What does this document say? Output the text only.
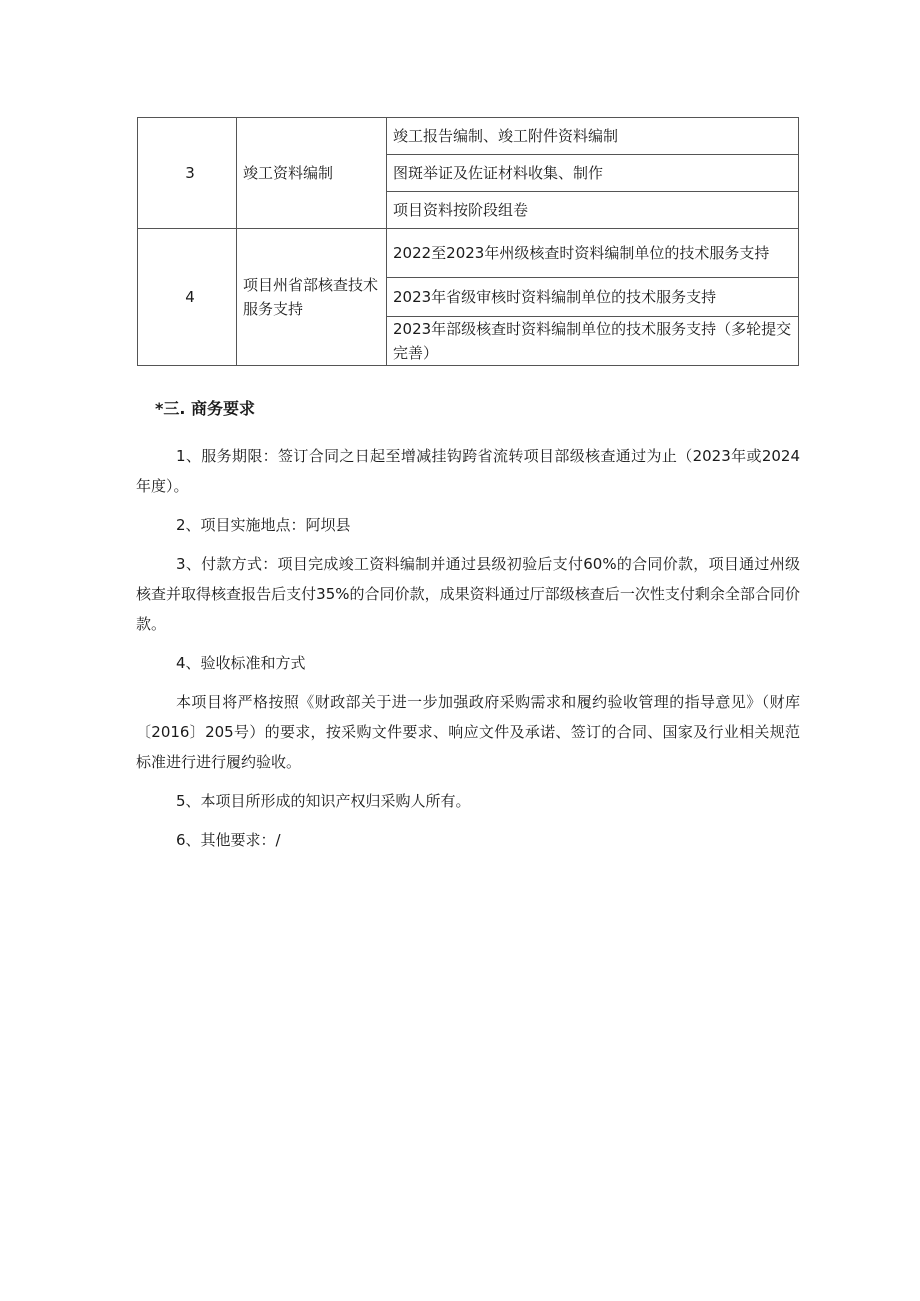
3	竣工资料编制	竣工报告编制、竣工附件资料编制
		图斑举证及佐证材料收集、制作
		项目资料按阶段组卷
4	项目州省部核查技术服务支持	2022至2023年州级核查时资料编制单位的技术服务支持
		2023年省级审核时资料编制单位的技术服务支持
		2023年部级核查时资料编制单位的技术服务支持（多轮提交完善）
*三. 商务要求

1、服务期限：签订合同之日起至增减挂钩跨省流转项目部级核查通过为止（2023年或2024年度）。

2、项目实施地点：阿坝县

3、付款方式：项目完成竣工资料编制并通过县级初验后支付60%的合同价款，项目通过州级核查并取得核查报告后支付35%的合同价款，成果资料通过厅部级核查后一次性支付剩余全部合同价款。

4、验收标准和方式

本项目将严格按照《财政部关于进一步加强政府采购需求和履约验收管理的指导意见》（财库〔2016〕205号）的要求，按采购文件要求、响应文件及承诺、签订的合同、国家及行业相关规范标准进行进行履约验收。

5、本项目所形成的知识产权归采购人所有。

6、其他要求：/
